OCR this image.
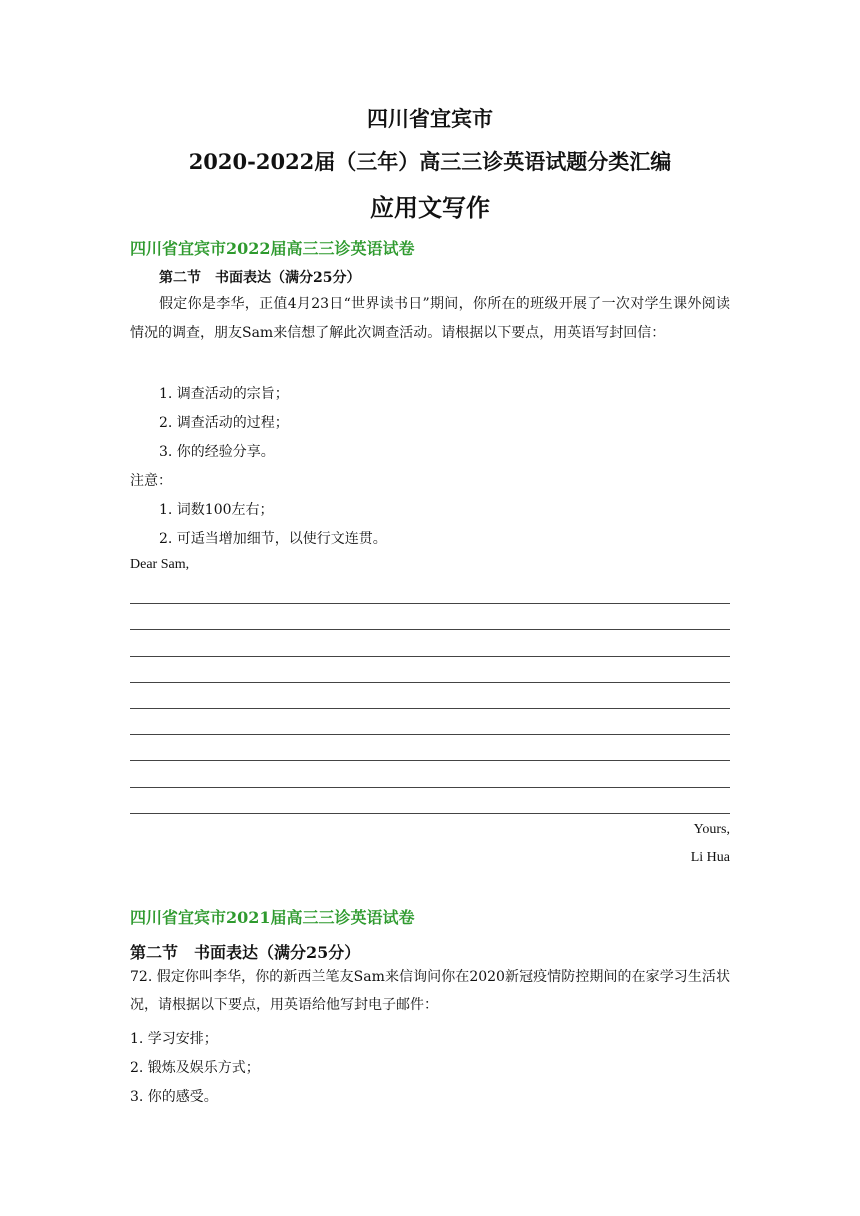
四川省宜宾市
2020-2022届（三年）高三三诊英语试题分类汇编
应用文写作
四川省宜宾市2022届高三三诊英语试卷
第二节　书面表达（满分25分）
假定你是李华，正值4月23日“世界读书日”期间，你所在的班级开展了一次对学生课外阅读情况的调查，朋友Sam来信想了解此次调查活动。请根据以下要点，用英语写封回信：
1. 调查活动的宗旨；
2. 调查活动的过程；
3. 你的经验分享。
注意：
1. 词数100左右；
2. 可适当增加细节，以使行文连贯。
Dear Sam,
Yours,
Li Hua
四川省宜宾市2021届高三三诊英语试卷
第二节　书面表达（满分25分）
72. 假定你叫李华，你的新西兰笔友Sam来信询问你在2020新冠疫情防控期间的在家学习生活状况，请根据以下要点，用英语给他写封电子邮件：
1. 学习安排；
2. 锻炼及娱乐方式；
3. 你的感受。
